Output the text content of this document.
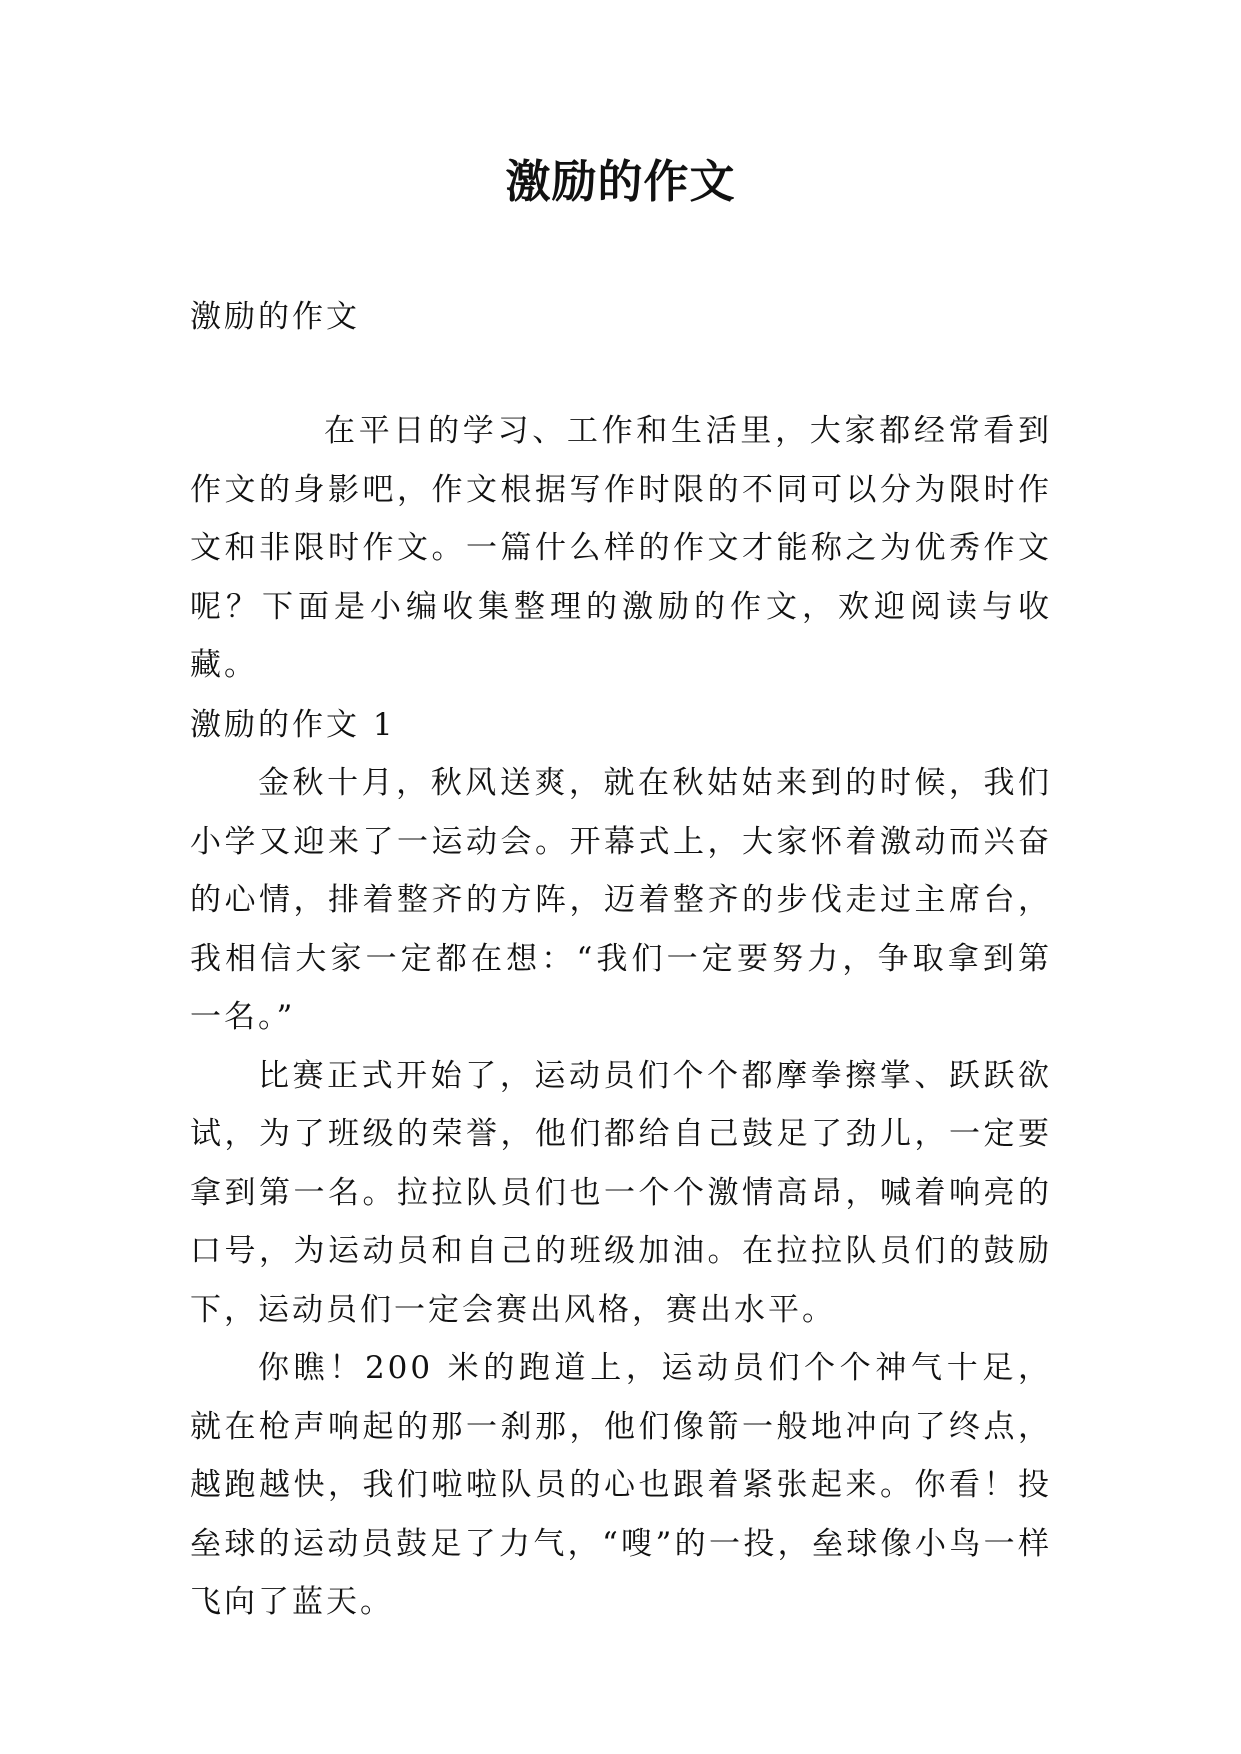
激励的作文
激励的作文
在平日的学习、工作和生活里，大家都经常看到作文的身影吧，作文根据写作时限的不同可以分为限时作文和非限时作文。一篇什么样的作文才能称之为优秀作文呢？下面是小编收集整理的激励的作文，欢迎阅读与收藏。
激励的作文 1

金秋十月，秋风送爽，就在秋姑姑来到的时候，我们小学又迎来了一运动会。开幕式上，大家怀着激动而兴奋的心情，排着整齐的方阵，迈着整齐的步伐走过主席台，我相信大家一定都在想：“我们一定要努力，争取拿到第一名。”

比赛正式开始了，运动员们个个都摩拳擦掌、跃跃欲试，为了班级的荣誉，他们都给自己鼓足了劲儿，一定要拿到第一名。拉拉队员们也一个个激情高昂，喊着响亮的口号，为运动员和自己的班级加油。在拉拉队员们的鼓励下，运动员们一定会赛出风格，赛出水平。

你瞧！200 米的跑道上，运动员们个个神气十足，就在枪声响起的那一刹那，他们像箭一般地冲向了终点，越跑越快，我们啦啦队员的心也跟着紧张起来。你看！投垒球的运动员鼓足了力气，“嗖”的一投，垒球像小鸟一样飞向了蓝天。
